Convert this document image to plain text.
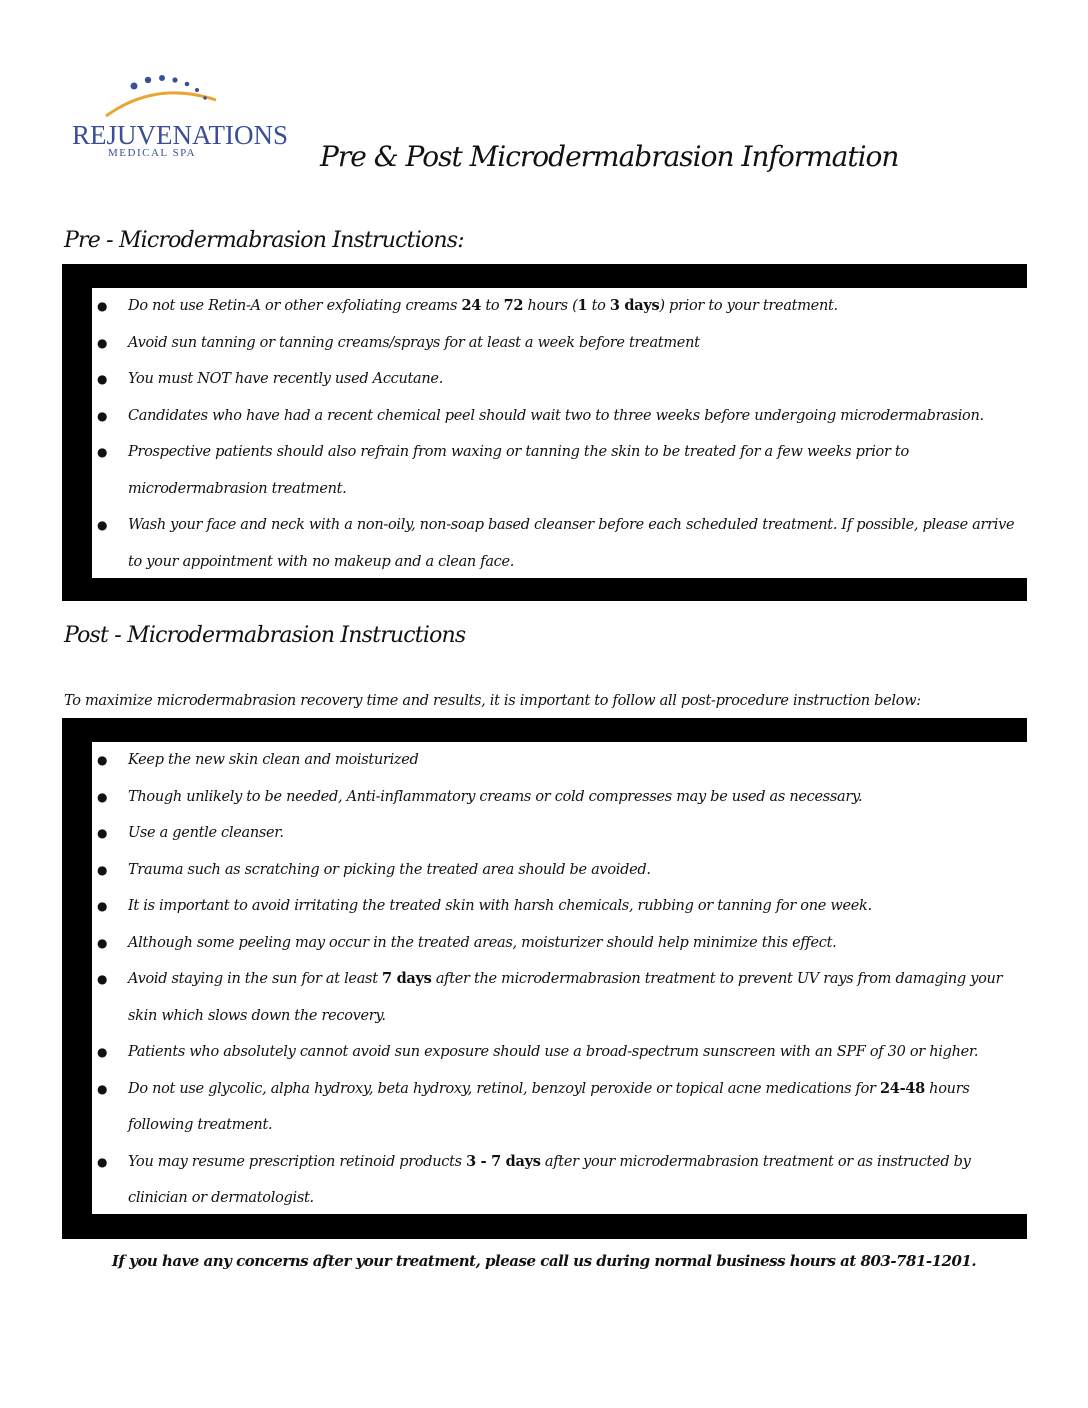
REJUVENATIONS
MEDICAL SPA	Pre & Post Microdermabrasion Information
Pre - Microdermabrasion Instructions:
● Do not use Retin-A or other exfoliating creams 24 to 72 hours (1 to 3 days) prior to your treatment.
● Avoid sun tanning or tanning creams/sprays for at least a week before treatment
● You must NOT have recently used Accutane.
● Candidates who have had a recent chemical peel should wait two to three weeks before undergoing microdermabrasion.
● Prospective patients should also refrain from waxing or tanning the skin to be treated for a few weeks prior to microdermabrasion treatment.
● Wash your face and neck with a non-oily, non-soap based cleanser before each scheduled treatment. If possible, please arrive to your appointment with no makeup and a clean face.
Post - Microdermabrasion Instructions
To maximize microdermabrasion recovery time and results, it is important to follow all post-procedure instruction below:
● Keep the new skin clean and moisturized
● Though unlikely to be needed, Anti-inflammatory creams or cold compresses may be used as necessary.
● Use a gentle cleanser.
● Trauma such as scratching or picking the treated area should be avoided.
● It is important to avoid irritating the treated skin with harsh chemicals, rubbing or tanning for one week.
● Although some peeling may occur in the treated areas, moisturizer should help minimize this effect.
● Avoid staying in the sun for at least 7 days after the microdermabrasion treatment to prevent UV rays from damaging your skin which slows down the recovery.
● Patients who absolutely cannot avoid sun exposure should use a broad-spectrum sunscreen with an SPF of 30 or higher.
● Do not use glycolic, alpha hydroxy, beta hydroxy, retinol, benzoyl peroxide or topical acne medications for 24-48 hours following treatment.
● You may resume prescription retinoid products 3 - 7 days after your microdermabrasion treatment or as instructed by clinician or dermatologist.
If you have any concerns after your treatment, please call us during normal business hours at 803-781-1201.
